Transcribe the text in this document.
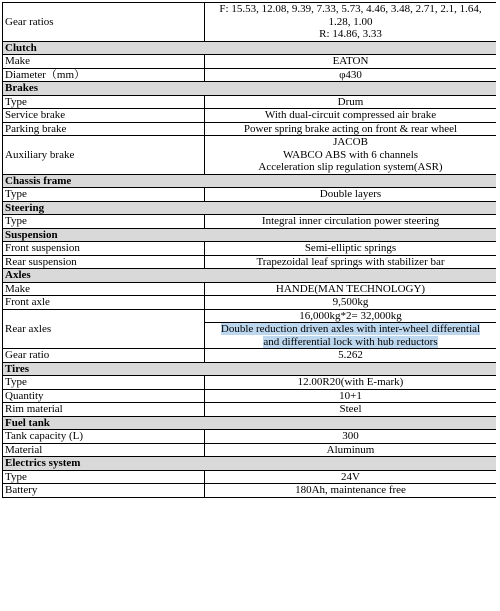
Gear ratios	F: 15.53, 12.08, 9.39, 7.33, 5.73, 4.46, 3.48, 2.71, 2.1, 1.64,
1.28, 1.00
R: 14.86, 3.33

Clutch	
Make	EATON

Diameter（mm）	φ430

Brakes	
Type	Drum

Service brake	With dual-circuit compressed air brake

Parking brake	Power spring brake acting on front & rear wheel

Auxiliary brake	JACOB
WABCO ABS with 6 channels
Acceleration slip regulation system(ASR)

Chassis frame	
Type	Double layers

Steering	
Type	Integral inner circulation power steering

Suspension	
Front suspension	Semi-elliptic springs

Rear suspension	Trapezoidal leaf springs with stabilizer bar

Axles	
Make	HANDE(MAN TECHNOLOGY)

Front axle	9,500kg

Rear axles	16,000kg*2= 32,000kg

	Double reduction driven axles with inter-wheel differential
and differential lock with hub reductors

Gear ratio	5.262

Tires	
Type	12.00R20(with E-mark)

Quantity	10+1

Rim material	Steel

Fuel tank	
Tank capacity (L)	300

Material	Aluminum

Electrics system	
Type	24V

Battery	180Ah, maintenance free
